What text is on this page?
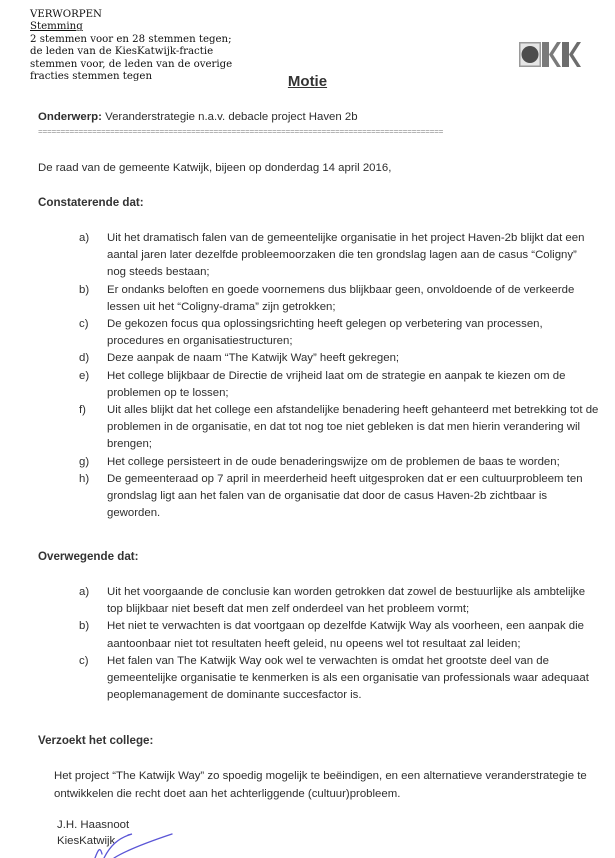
VERWORPEN
Stemming
2 stemmen voor en 28 stemmen tegen;
de leden van de KiesKatwijk-fractie
stemmen voor, de leden van de overige
fracties stemmen tegen	Motie
Onderwerp: Veranderstrategie n.a.v. debacle project Haven 2b
==========================================================================================
De raad van de gemeente Katwijk, bijeen op donderdag 14 april 2016,
Constaterende dat:
a) Uit het dramatisch falen van de gemeentelijke organisatie in het project Haven-2b blijkt dat een aantal jaren later dezelfde probleemoorzaken die ten grondslag lagen aan de casus “Coligny” nog steeds bestaan;
b) Er ondanks beloften en goede voornemens dus blijkbaar geen, onvoldoende of de verkeerde lessen uit het “Coligny-drama” zijn getrokken;
c) De gekozen focus qua oplossingsrichting heeft gelegen op verbetering van processen, procedures en organisatiestructuren;
d) Deze aanpak de naam “The Katwijk Way” heeft gekregen;
e) Het college blijkbaar de Directie de vrijheid laat om de strategie en aanpak te kiezen om de problemen op te lossen;
f) Uit alles blijkt dat het college een afstandelijke benadering heeft gehanteerd met betrekking tot de problemen in de organisatie, en dat tot nog toe niet gebleken is dat men hierin verandering wil brengen;
g) Het college persisteert in de oude benaderingswijze om de problemen de baas te worden;
h) De gemeenteraad op 7 april in meerderheid heeft uitgesproken dat er een cultuurprobleem ten grondslag ligt aan het falen van de organisatie dat door de casus Haven-2b zichtbaar is geworden.
Overwegende dat:
a) Uit het voorgaande de conclusie kan worden getrokken dat zowel de bestuurlijke als ambtelijke top blijkbaar niet beseft dat men zelf onderdeel van het probleem vormt;
b) Het niet te verwachten is dat voortgaan op dezelfde Katwijk Way als voorheen, een aanpak die aantoonbaar niet tot resultaten heeft geleid, nu opeens wel tot resultaat zal leiden;
c) Het falen van The Katwijk Way ook wel te verwachten is omdat het grootste deel van de gemeentelijke organisatie te kenmerken is als een organisatie van professionals waar adequaat peoplemanagement de dominante succesfactor is.
Verzoekt het college:
Het project “The Katwijk Way” zo spoedig mogelijk te beëindigen, en een alternatieve veranderstrategie te ontwikkelen die recht doet aan het achterliggende (cultuur)probleem.
J.H. Haasnoot
KiesKatwijk
